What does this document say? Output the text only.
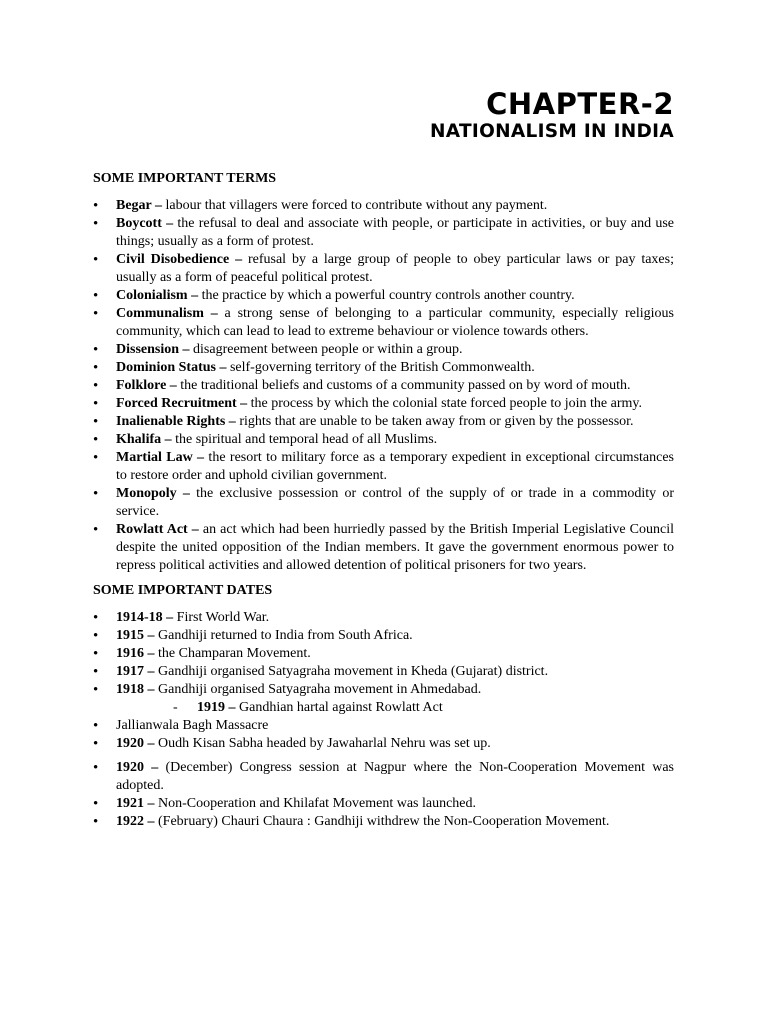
CHAPTER-2
NATIONALISM IN INDIA
SOME IMPORTANT TERMS
• Begar – labour that villagers were forced to contribute without any payment.
• Boycott – the refusal to deal and associate with people, or participate in activities, or buy and use things; usually as a form of protest.
• Civil Disobedience – refusal by a large group of people to obey particular laws or pay taxes; usually as a form of peaceful political protest.
• Colonialism – the practice by which a powerful country controls another country.
• Communalism – a strong sense of belonging to a particular community, especially religious community, which can lead to lead to extreme behaviour or violence towards others.
• Dissension – disagreement between people or within a group.
• Dominion Status – self-governing territory of the British Commonwealth.
• Folklore – the traditional beliefs and customs of a community passed on by word of mouth.
• Forced Recruitment – the process by which the colonial state forced people to join the army.
• Inalienable Rights – rights that are unable to be taken away from or given by the possessor.
• Khalifa – the spiritual and temporal head of all Muslims.
• Martial Law – the resort to military force as a temporary expedient in exceptional circumstances to restore order and uphold civilian government.
• Monopoly – the exclusive possession or control of the supply of or trade in a commodity or service.
• Rowlatt Act – an act which had been hurriedly passed by the British Imperial Legislative Council despite the united opposition of the Indian members. It gave the government enormous power to repress political activities and allowed detention of political prisoners for two years.
SOME IMPORTANT DATES
• 1914-18 – First World War.
• 1915 – Gandhiji returned to India from South Africa.
• 1916 – the Champaran Movement.
• 1917 – Gandhiji organised Satyagraha movement in Kheda (Gujarat) district.
• 1918 – Gandhiji organised Satyagraha movement in Ahmedabad.
- 1919 – Gandhian hartal against Rowlatt Act
• Jallianwala Bagh Massacre
• 1920 – Oudh Kisan Sabha headed by Jawaharlal Nehru was set up.
• 1920 – (December) Congress session at Nagpur where the Non-Cooperation Movement was adopted.
• 1921 – Non-Cooperation and Khilafat Movement was launched.
• 1922 – (February) Chauri Chaura : Gandhiji withdrew the Non-Cooperation Movement.
